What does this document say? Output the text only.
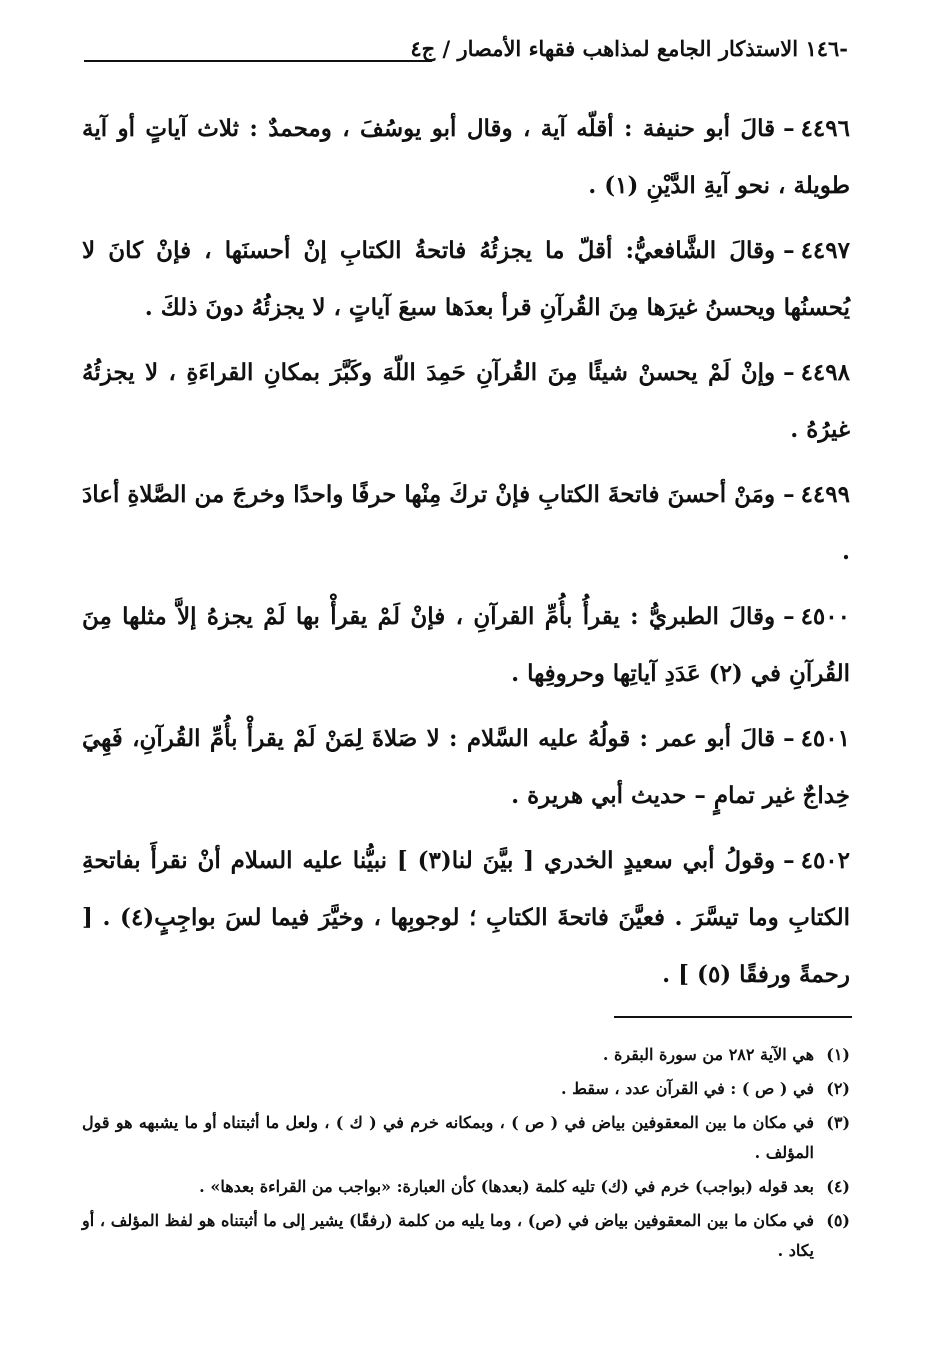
-١٤٦ الاستذكار الجامع لمذاهب فقهاء الأمصار / ج٤

٤٤٩٦–قالَ أبو حنيفة : أقلّه آية ، وقال أبو يوسُفَ ، ومحمدٌ : ثلاث آياتٍ أو آية طويلة ، نحو آيةِ الدَّيْنِ (١) .

٤٤٩٧–وقالَ الشَّافعيُّ: أقلّ ما يجزئُهُ فاتحةُ الكتابِ إنْ أحسنَها ، فإنْ كانَ لا يُحسنُها ويحسنُ غيرَها مِنَ القُرآنِ قرأ بعدَها سبعَ آياتٍ ، لا يجزئُهُ دونَ ذلكَ .

٤٤٩٨–وإنْ لَمْ يحسنْ شيئًا مِنَ القُرآنِ حَمِدَ اللّهَ وكَبَّرَ بمكانِ القراءَةِ ، لا يجزئُهُ غيرُهُ .

٤٤٩٩–ومَنْ أحسنَ فاتحةَ الكتابِ فإنْ تركَ مِنْها حرفًا واحدًا وخرجَ من الصَّلاةِ أعادَ .

٤٥٠٠–وقالَ الطبريُّ : يقرأُ بأُمِّ القرآنِ ، فإنْ لَمْ يقرأْ بها لَمْ يجزهُ إلاَّ مثلها مِنَ القُرآنِ في (٢) عَدَدِ آياتِها وحروفِها .

٤٥٠١–قالَ أبو عمر : قولُهُ عليه السَّلام : لا صَلاةَ لِمَنْ لَمْ يقرأْ بأُمِّ القُرآنِ، فَهِيَ خِداجٌ غير تمامٍ – حديث أبي هريرة .

٤٥٠٢–وقولُ أبي سعيدٍ الخدري [ بيَّنَ لنا(٣) ] نبيُّنا عليه السلام أنْ نقرأَ بفاتحةِ الكتابِ وما تيسَّرَ . فعيَّنَ فاتحةَ الكتابِ ؛ لوجوبِها ، وخيَّرَ فيما لسَ بواجِبٍ(٤) . [ رحمةً ورفقًا (٥) ] .

(١)هي الآية ٢٨٢ من سورة البقرة .

(٢)في ( ص ) : في القرآن عدد ، سقط .

(٣)في مكان ما بين المعقوفين بياض في ( ص ) ، وبمكانه خرم في ( ك ) ، ولعل ما أثبتناه أو ما يشبهه هو قول المؤلف .

(٤)بعد قوله (بواجب) خرم في (ك) تليه كلمة (بعدها) كأن العبارة: «بواجب من القراءة بعدها» .

(٥)في مكان ما بين المعقوفين بياض في (ص) ، وما يليه من كلمة (رفقًا) يشير إلى ما أثبتناه هو لفظ المؤلف ، أو يكاد .
